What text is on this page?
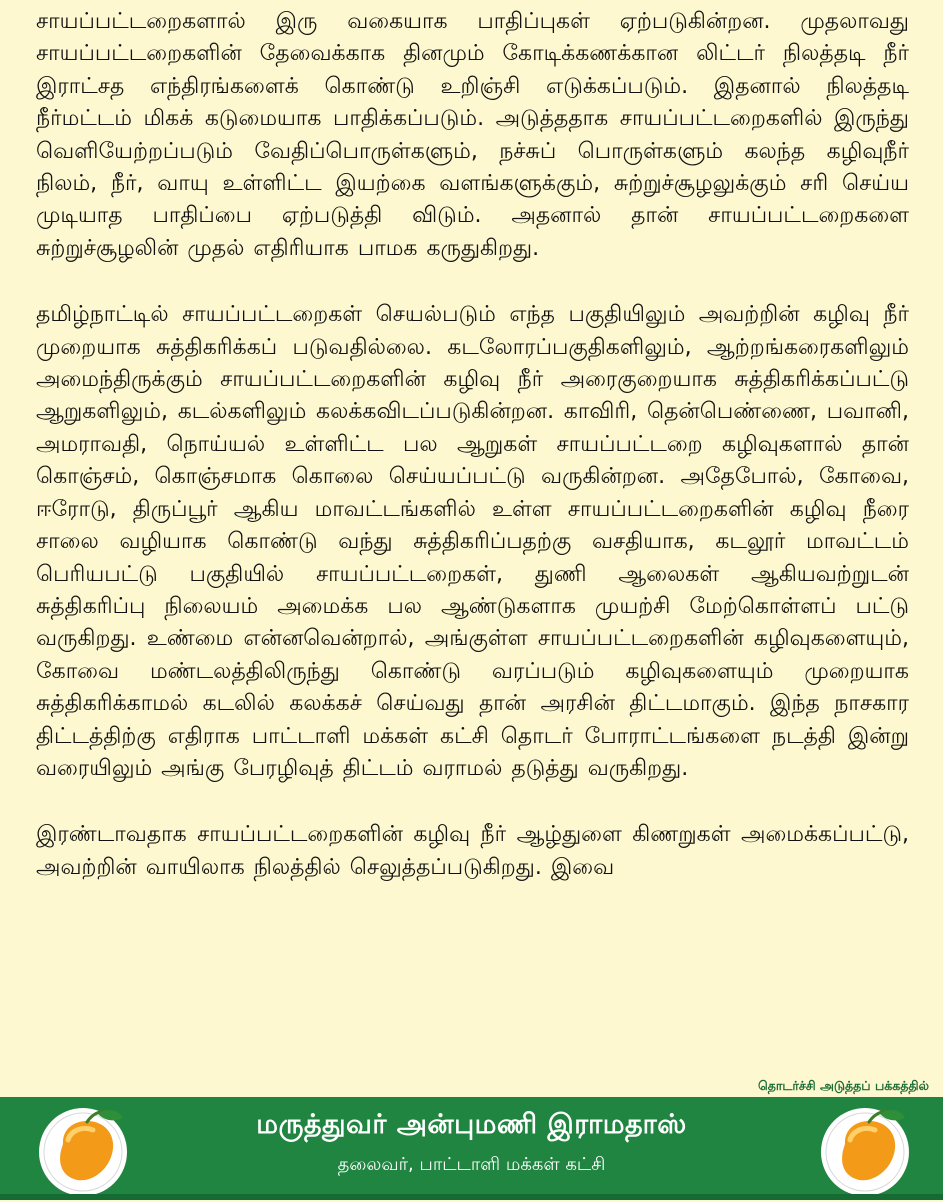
சாயப்பட்டறைகளால் இரு வகையாக பாதிப்புகள் ஏற்படுகின்றன. முதலாவது சாயப்பட்டறைகளின் தேவைக்காக தினமும் கோடிக்கணக்கான லிட்டர் நிலத்தடி நீர் இராட்சத எந்திரங்களைக் கொண்டு உறிஞ்சி எடுக்கப்படும். இதனால் நிலத்தடி நீர்மட்டம் மிகக் கடுமையாக பாதிக்கப்படும். அடுத்ததாக சாயப்பட்டறைகளில் இருந்து வெளியேற்றப்படும் வேதிப்பொருள்களும், நச்சுப் பொருள்களும் கலந்த கழிவுநீர் நிலம், நீர், வாயு உள்ளிட்ட இயற்கை வளங்களுக்கும், சுற்றுச்சூழலுக்கும் சரி செய்ய முடியாத பாதிப்பை ஏற்படுத்தி விடும். அதனால் தான் சாயப்பட்டறைகளை சுற்றுச்சூழலின் முதல் எதிரியாக பாமக கருதுகிறது.

தமிழ்நாட்டில் சாயப்பட்டறைகள் செயல்படும் எந்த பகுதியிலும் அவற்றின் கழிவு நீர் முறையாக சுத்திகரிக்கப் படுவதில்லை. கடலோரப்பகுதிகளிலும், ஆற்றங்கரைகளிலும் அமைந்திருக்கும் சாயப்பட்டறைகளின் கழிவு நீர் அரைகுறையாக சுத்திகரிக்கப்பட்டு ஆறுகளிலும், கடல்களிலும் கலக்கவிடப்படுகின்றன. காவிரி, தென்பெண்ணை, பவானி, அமராவதி, நொய்யல் உள்ளிட்ட பல ஆறுகள் சாயப்பட்டறை கழிவுகளால் தான் கொஞ்சம், கொஞ்சமாக கொலை செய்யப்பட்டு வருகின்றன. அதேபோல், கோவை, ஈரோடு, திருப்பூர் ஆகிய மாவட்டங்களில் உள்ள சாயப்பட்டறைகளின் கழிவு நீரை சாலை வழியாக கொண்டு வந்து சுத்திகரிப்பதற்கு வசதியாக, கடலூர் மாவட்டம் பெரியபட்டு பகுதியில் சாயப்பட்டறைகள், துணி ஆலைகள் ஆகியவற்றுடன் சுத்திகரிப்பு நிலையம் அமைக்க பல ஆண்டுகளாக முயற்சி மேற்கொள்ளப் பட்டு வருகிறது. உண்மை என்னவென்றால், அங்குள்ள சாயப்பட்டறைகளின் கழிவுகளையும், கோவை மண்டலத்திலிருந்து கொண்டு வரப்படும் கழிவுகளையும் முறையாக சுத்திகரிக்காமல் கடலில் கலக்கச் செய்வது தான் அரசின் திட்டமாகும். இந்த நாசகார திட்டத்திற்கு எதிராக பாட்டாளி மக்கள் கட்சி தொடர் போராட்டங்களை நடத்தி இன்று வரையிலும் அங்கு பேரழிவுத் திட்டம் வராமல் தடுத்து வருகிறது.

இரண்டாவதாக சாயப்பட்டறைகளின் கழிவு நீர் ஆழ்துளை கிணறுகள் அமைக்கப்பட்டு, அவற்றின் வாயிலாக நிலத்தில் செலுத்தப்படுகிறது. இவை

தொடர்ச்சி அடுத்தப் பக்கத்தில்
மருத்துவர் அன்புமணி இராமதாஸ்
தலைவர், பாட்டாளி மக்கள் கட்சி
